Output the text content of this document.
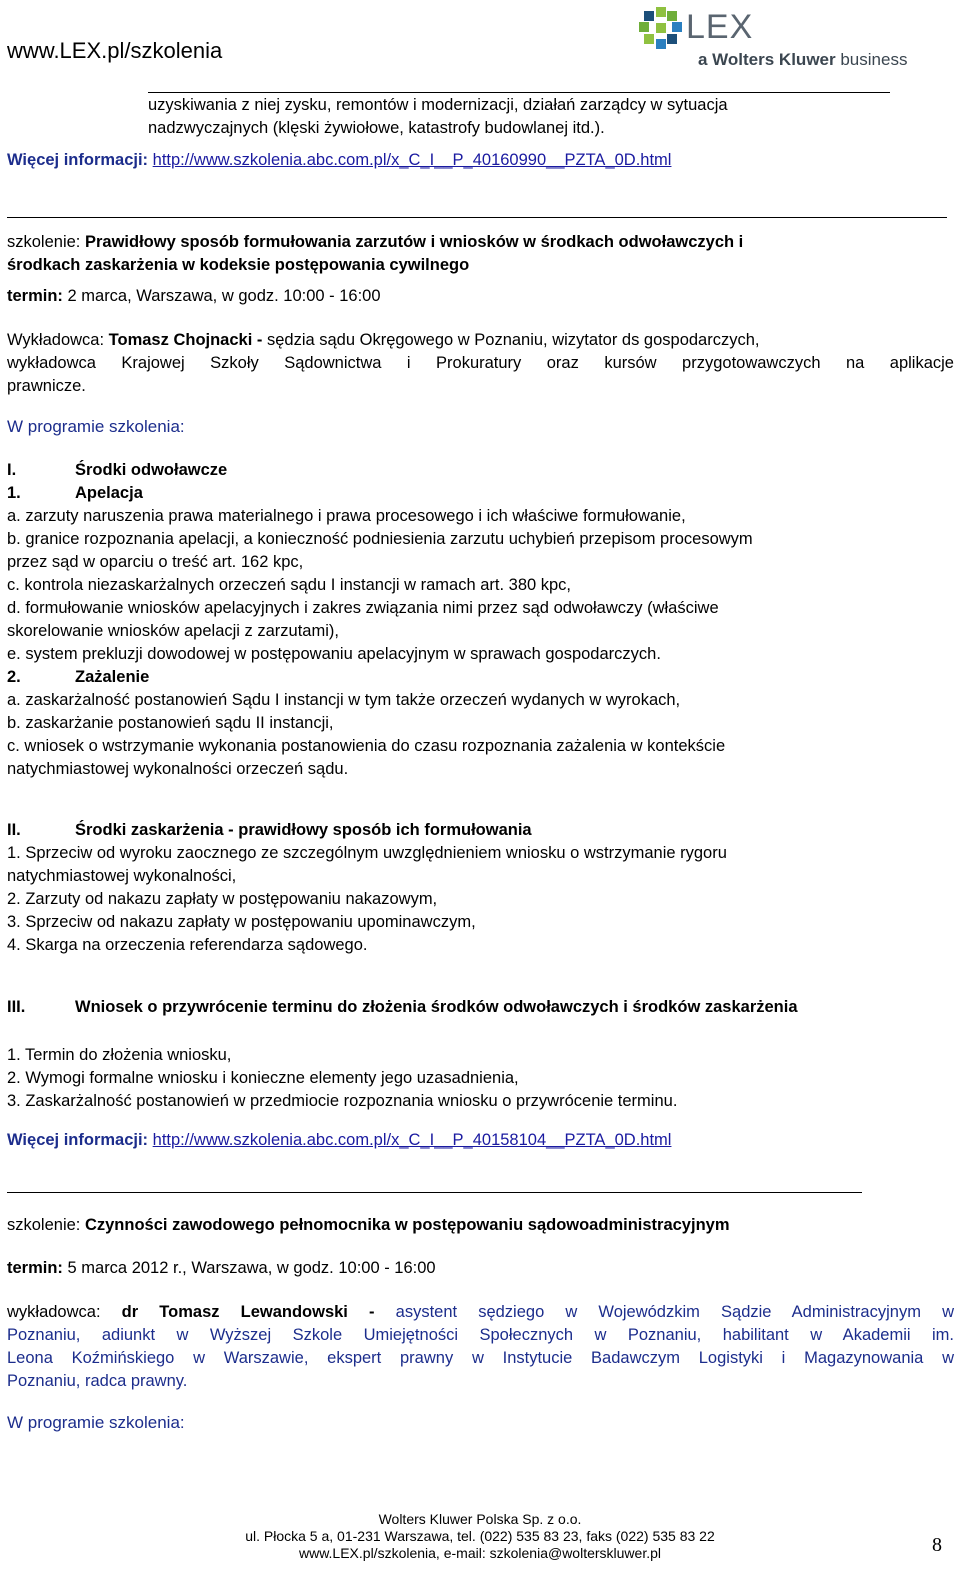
www.LEX.pl/szkolenia
LEX
a Wolters Kluwer business
uzyskiwania z niej zysku, remontów i modernizacji, działań zarządcy w sytuacja
nadzwyczajnych (klęski żywiołowe, katastrofy budowlanej itd.).
Więcej informacji: http://www.szkolenia.abc.com.pl/x_C_I__P_40160990__PZTA_0D.html
szkolenie: Prawidłowy sposób formułowania zarzutów i wniosków w środkach odwoławczych i
środkach zaskarżenia w kodeksie postępowania cywilnego
termin: 2 marca, Warszawa, w godz. 10:00 - 16:00
Wykładowca: Tomasz Chojnacki - sędzia sądu Okręgowego w Poznaniu, wizytator ds gospodarczych,
wykładowca Krajowej Szkoły Sądownictwa i Prokuratury oraz kursów przygotowawczych na aplikacje
prawnicze.
W programie szkolenia:
I.	Środki odwoławcze
1.	Apelacja
a. zarzuty naruszenia prawa materialnego i prawa procesowego i ich właściwe formułowanie,
b. granice rozpoznania apelacji, a konieczność podniesienia zarzutu uchybień przepisom procesowym
przez sąd w oparciu o treść art. 162 kpc,
c. kontrola niezaskarżalnych orzeczeń sądu I instancji w ramach art. 380 kpc,
d. formułowanie wniosków apelacyjnych i zakres związania nimi przez sąd odwoławczy (właściwe
skorelowanie wniosków apelacji z zarzutami),
e. system prekluzji dowodowej w postępowaniu apelacyjnym w sprawach gospodarczych.
2.	Zażalenie
a. zaskarżalność postanowień Sądu I instancji w tym także orzeczeń wydanych w wyrokach,
b. zaskarżanie postanowień sądu II instancji,
c. wniosek o wstrzymanie wykonania postanowienia do czasu rozpoznania zażalenia w kontekście
natychmiastowej wykonalności orzeczeń sądu.
II.	Środki zaskarżenia - prawidłowy sposób ich formułowania
1. Sprzeciw od wyroku zaocznego ze szczególnym uwzględnieniem wniosku o wstrzymanie rygoru
natychmiastowej wykonalności,
2. Zarzuty od nakazu zapłaty w postępowaniu nakazowym,
3. Sprzeciw od nakazu zapłaty w postępowaniu upominawczym,
4. Skarga na orzeczenia referendarza sądowego.
III.	Wniosek o przywrócenie terminu do złożenia środków odwoławczych i środków zaskarżenia
1. Termin do złożenia wniosku,
2. Wymogi formalne wniosku i konieczne elementy jego uzasadnienia,
3. Zaskarżalność postanowień w przedmiocie rozpoznania wniosku o przywrócenie terminu.
Więcej informacji: http://www.szkolenia.abc.com.pl/x_C_I__P_40158104__PZTA_0D.html
szkolenie: Czynności zawodowego pełnomocnika w postępowaniu sądowoadministracyjnym
termin: 5 marca 2012 r., Warszawa, w godz. 10:00 - 16:00
wykładowca: dr Tomasz Lewandowski - asystent sędziego w Wojewódzkim Sądzie Administracyjnym w
Poznaniu, adiunkt w Wyższej Szkole Umiejętności Społecznych w Poznaniu, habilitant w Akademii im.
Leona Koźmińskiego w Warszawie, ekspert prawny w Instytucie Badawczym Logistyki i Magazynowania w
Poznaniu, radca prawny.
W programie szkolenia:
Wolters Kluwer Polska Sp. z o.o.
ul. Płocka 5 a, 01-231 Warszawa, tel. (022) 535 83 23, faks (022) 535 83 22
www.LEX.pl/szkolenia, e-mail: szkolenia@wolterskluwer.pl	8
